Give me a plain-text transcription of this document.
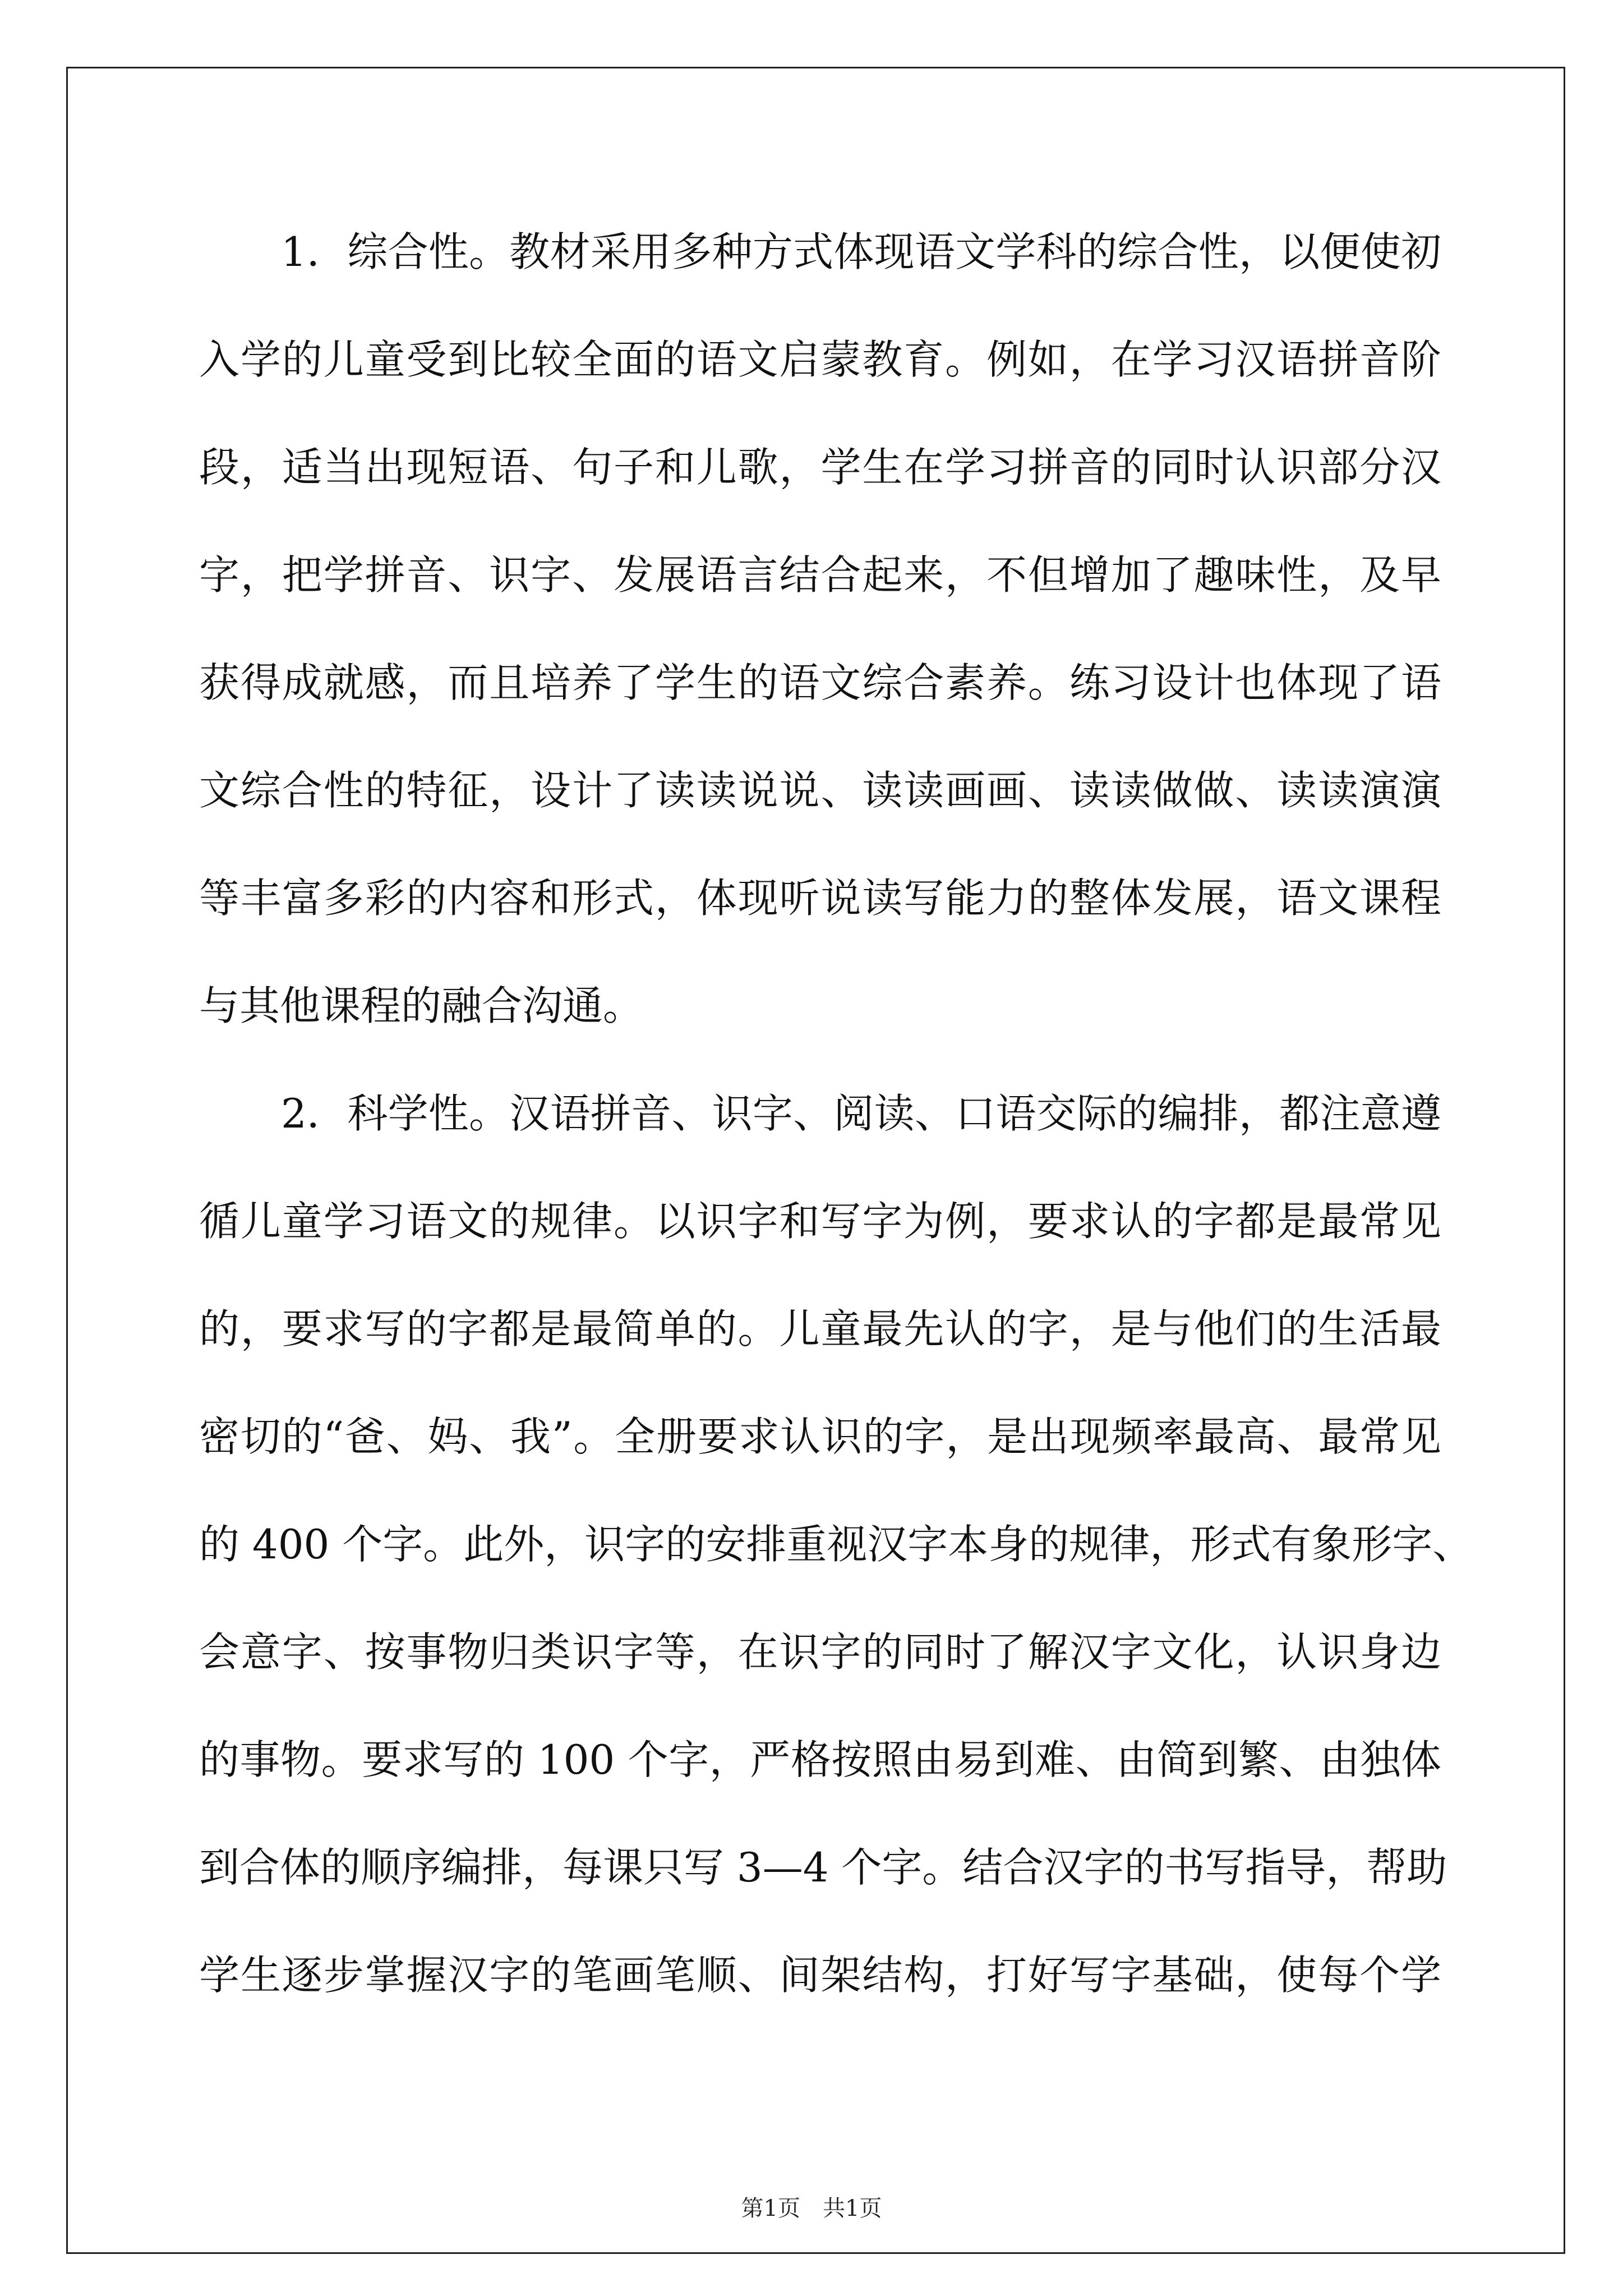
1．综合性。教材采用多种方式体现语文学科的综合性，以便使初
入学的儿童受到比较全面的语文启蒙教育。例如，在学习汉语拼音阶
段，适当出现短语、句子和儿歌，学生在学习拼音的同时认识部分汉
字，把学拼音、识字、发展语言结合起来，不但增加了趣味性，及早
获得成就感，而且培养了学生的语文综合素养。练习设计也体现了语
文综合性的特征，设计了读读说说、读读画画、读读做做、读读演演
等丰富多彩的内容和形式，体现听说读写能力的整体发展，语文课程
与其他课程的融合沟通。
2．科学性。汉语拼音、识字、阅读、口语交际的编排，都注意遵
循儿童学习语文的规律。以识字和写字为例，要求认的字都是最常见
的，要求写的字都是最简单的。儿童最先认的字，是与他们的生活最
密切的“爸、妈、我”。全册要求认识的字，是出现频率最高、最常见
的 400 个字。此外，识字的安排重视汉字本身的规律，形式有象形字、
会意字、按事物归类识字等，在识字的同时了解汉字文化，认识身边
的事物。要求写的 100 个字，严格按照由易到难、由简到繁、由独体
到合体的顺序编排，每课只写 3—4 个字。结合汉字的书写指导，帮助
学生逐步掌握汉字的笔画笔顺、间架结构，打好写字基础，使每个学
第1页　共1页
